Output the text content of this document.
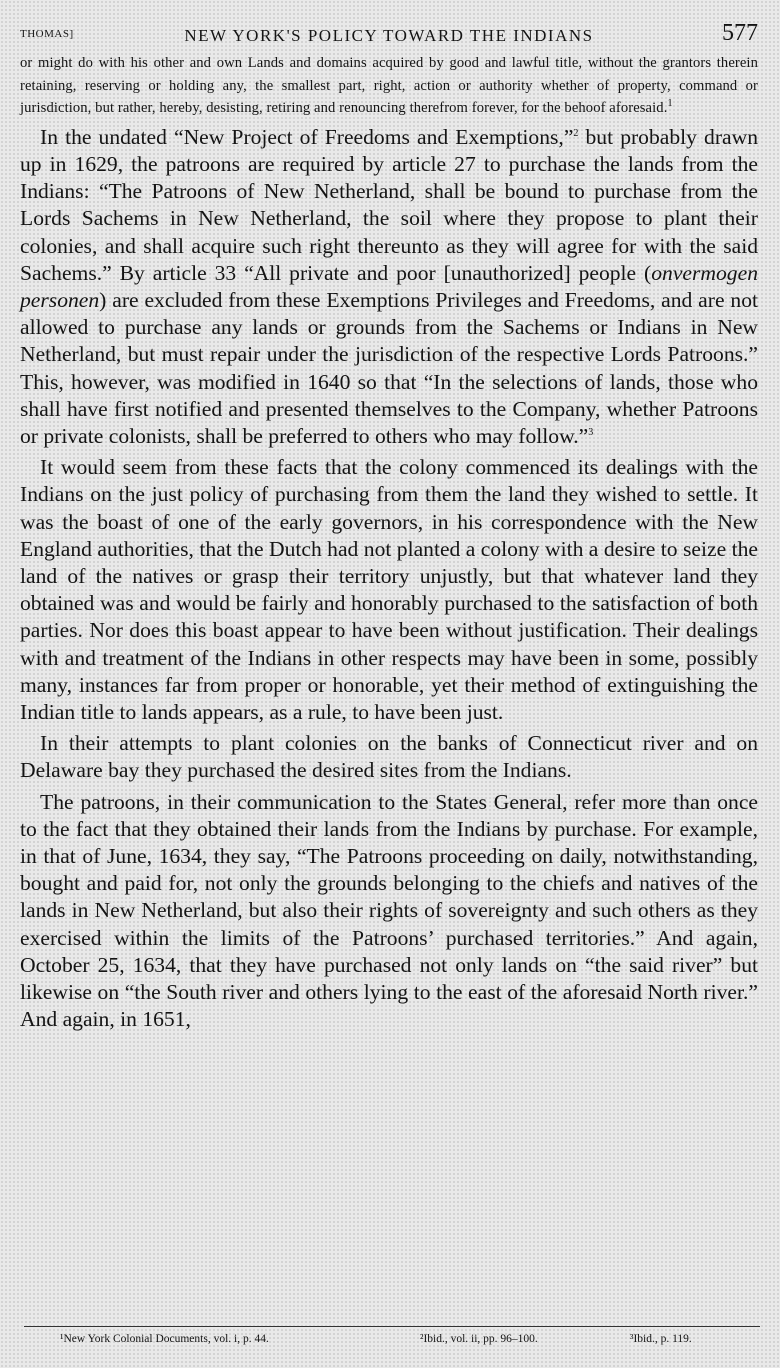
THOMAS]	NEW YORK'S POLICY TOWARD THE INDIANS	577

or might do with his other and own Lands and domains acquired by good and lawful title, without the grantors therein retaining, reserving or holding any, the smallest part, right, action or authority whether of property, command or jurisdiction, but rather, hereby, desisting, retiring and renouncing therefrom forever, for the behoof aforesaid.$^1$

In the undated “New Project of Freedoms and Exemptions,”$^2$ but probably drawn up in 1629, the patroons are required by article 27 to purchase the lands from the Indians: “The Patroons of New Netherland, shall be bound to purchase from the Lords Sachems in New Netherland, the soil where they propose to plant their colonies, and shall acquire such right thereunto as they will agree for with the said Sachems.” By article 33 “All private and poor [unauthorized] people (onvermogen personen) are excluded from these Exemptions Privileges and Freedoms, and are not allowed to purchase any lands or grounds from the Sachems or Indians in New Netherland, but must repair under the jurisdiction of the respective Lords Patroons.” This, however, was modified in 1640 so that “In the selections of lands, those who shall have first notified and presented themselves to the Company, whether Patroons or private colonists, shall be preferred to others who may follow.”$^3$

It would seem from these facts that the colony commenced its dealings with the Indians on the just policy of purchasing from them the land they wished to settle. It was the boast of one of the early governors, in his correspondence with the New England authorities, that the Dutch had not planted a colony with a desire to seize the land of the natives or grasp their territory unjustly, but that whatever land they obtained was and would be fairly and honorably purchased to the satisfaction of both parties. Nor does this boast appear to have been without justification. Their dealings with and treatment of the Indians in other respects may have been in some, possibly many, instances far from proper or honorable, yet their method of extinguishing the Indian title to lands appears, as a rule, to have been just.

In their attempts to plant colonies on the banks of Connecticut river and on Delaware bay they purchased the desired sites from the Indians.

The patroons, in their communication to the States General, refer more than once to the fact that they obtained their lands from the Indians by purchase. For example, in that of June, 1634, they say, “The Patroons proceeding on daily, notwithstanding, bought and paid for, not only the grounds belonging to the chiefs and natives of the lands in New Netherland, but also their rights of sovereignty and such others as they exercised within the limits of the Patroons’ purchased territories.” And again, October 25, 1634, that they have purchased not only lands on “the said river” but likewise on “the South river and others lying to the east of the aforesaid North river.” And again, in 1651,

¹New York Colonial Documents, vol. i, p. 44.	²Ibid., vol. ii, pp. 96–100.	³Ibid., p. 119.
